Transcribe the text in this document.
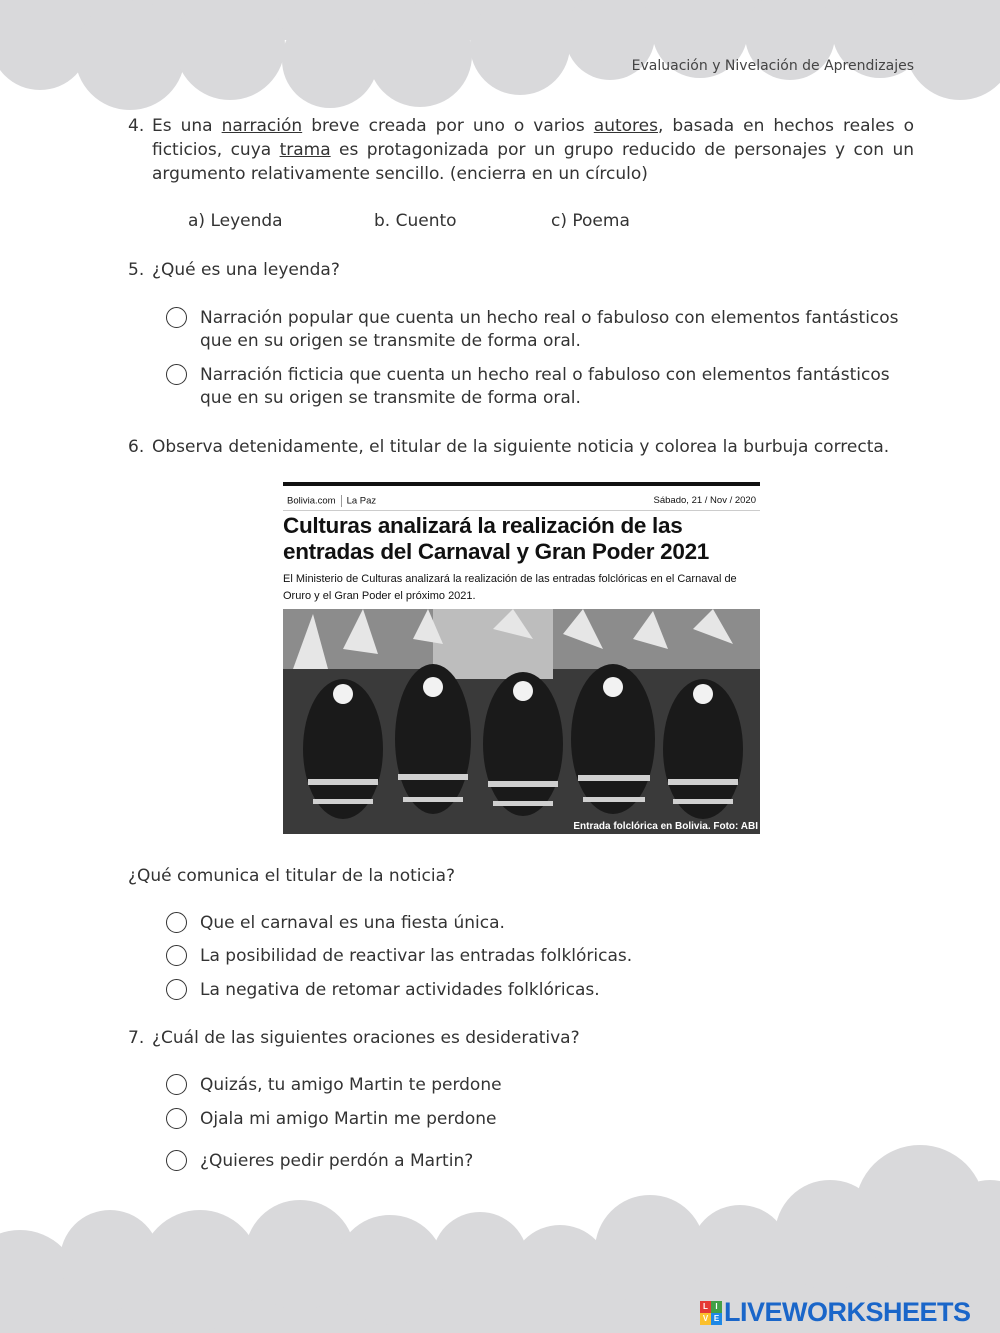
Evaluación y Nivelación de Aprendizajes
4. Es una narración breve creada por uno o varios autores, basada en hechos reales o ficticios, cuya trama es protagonizada por un grupo reducido de personajes y con un argumento relativamente sencillo. (encierra en un círculo)
a) Leyenda	b. Cuento	c) Poema
5. ¿Qué es una leyenda?
Narración popular que cuenta un hecho real o fabuloso con elementos fantásticos que en su origen se transmite de forma oral.
Narración ficticia que cuenta un hecho real o fabuloso con elementos fantásticos que en su origen se transmite de forma oral.
6. Observa detenidamente, el titular de la siguiente noticia y colorea la burbuja correcta.
Bolivia.com La Paz	Sábado, 21 / Nov / 2020
Culturas analizará la realización de las entradas del Carnaval y Gran Poder 2021
El Ministerio de Culturas analizará la realización de las entradas folclóricas en el Carnaval de Oruro y el Gran Poder el próximo 2021.
Entrada folclórica en Bolivia. Foto: ABI
¿Qué comunica el titular de la noticia?
Que el carnaval es una fiesta única.
La posibilidad de reactivar las entradas folklóricas.
La negativa de retomar actividades folklóricas.
7. ¿Cuál de las siguientes oraciones es desiderativa?
Quizás, tu amigo Martin te perdone
Ojala mi amigo Martin me perdone
¿Quieres pedir perdón a Martin?
L I
V E LIVEWORKSHEETS
